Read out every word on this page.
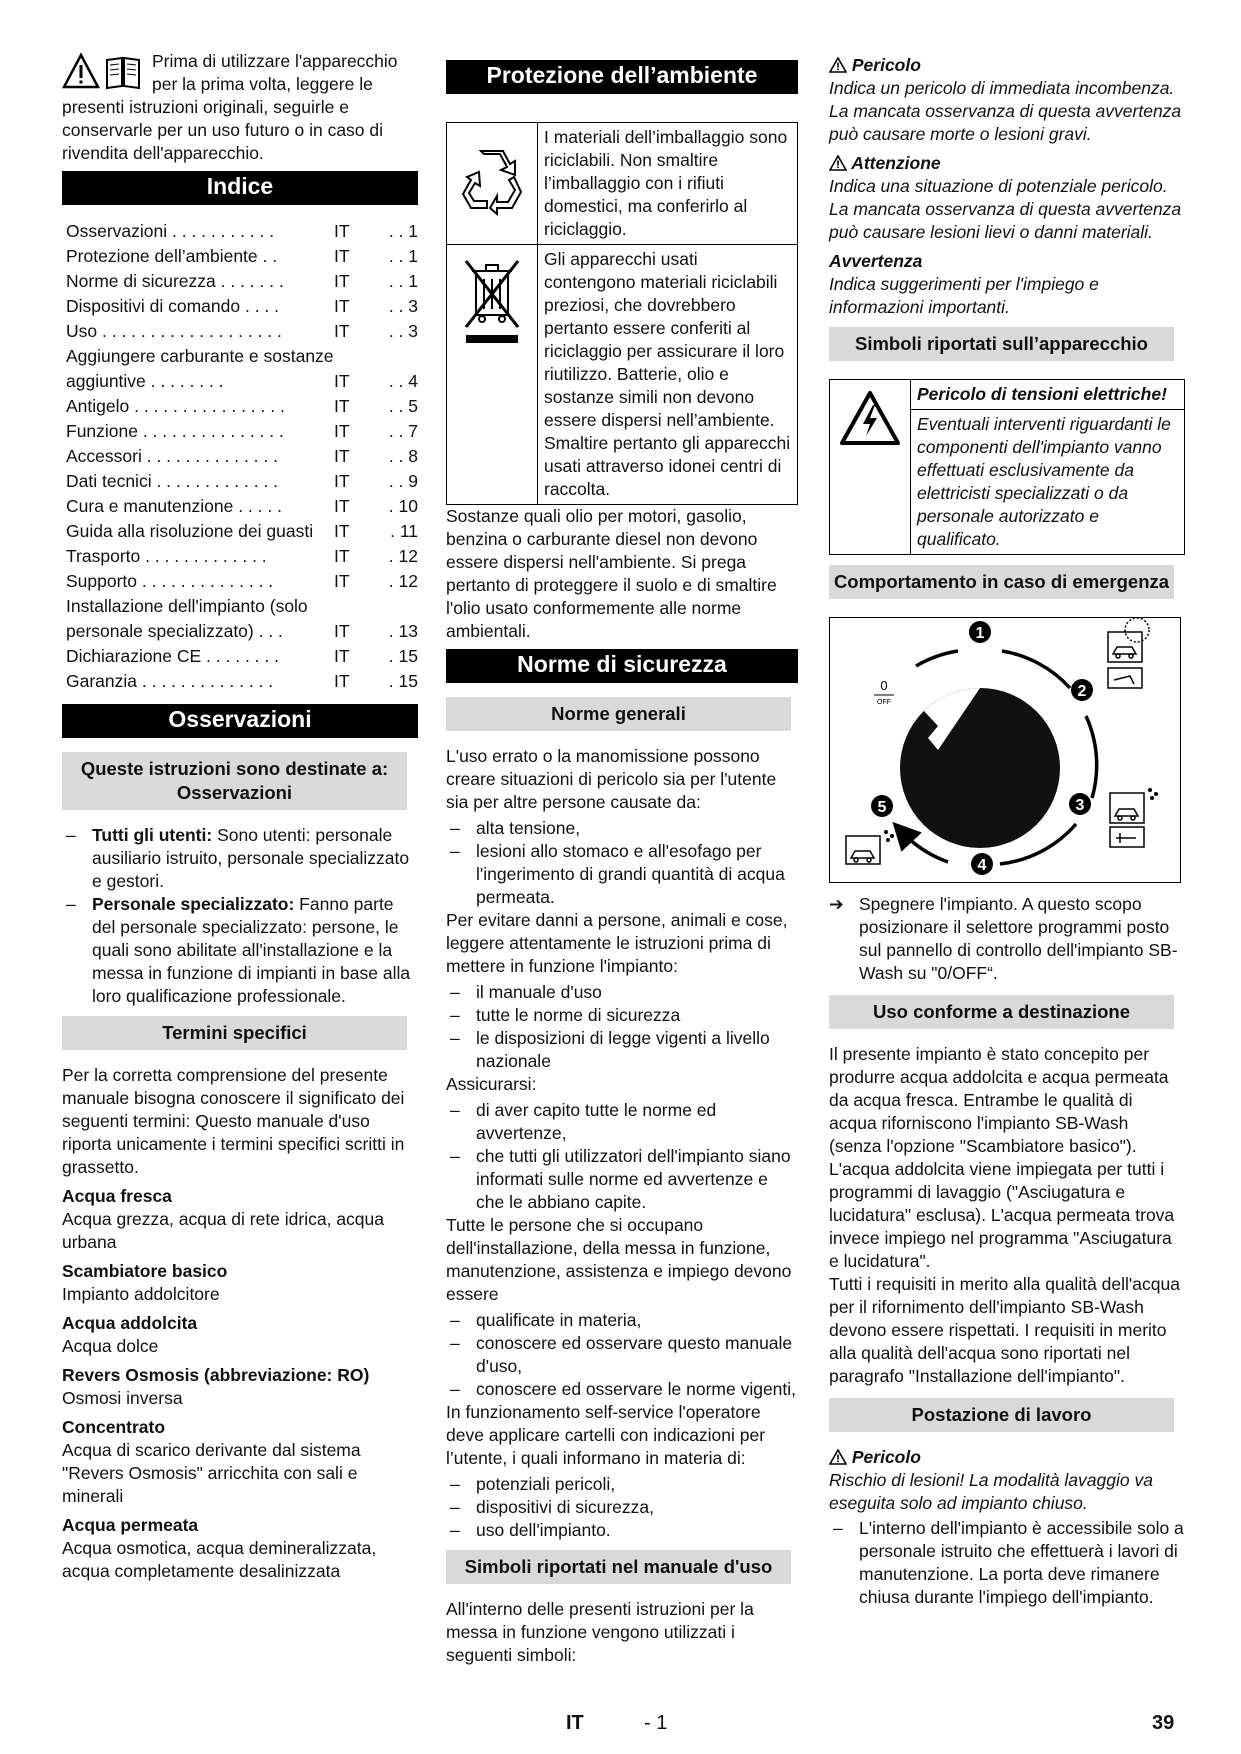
Prima di utilizzare l'apparecchio per la prima volta, leggere le presenti istruzioni originali, seguirle e conservarle per un uso futuro o in caso di rivendita dell'apparecchio.

Indice
Osservazioni . . . . . . . . . . .	IT	. . 1
Protezione dell’ambiente . .	IT	. . 1
Norme di sicurezza . . . . . . .	IT	. . 1
Dispositivi di comando . . . .	IT	. . 3
Uso . . . . . . . . . . . . . . . . . . .	IT	. . 3
Aggiungere carburante e sostanze aggiuntive . . . . . . . .	IT	. . 4
Antigelo . . . . . . . . . . . . . . . .	IT	. . 5
Funzione . . . . . . . . . . . . . . .	IT	. . 7
Accessori . . . . . . . . . . . . . .	IT	. . 8
Dati tecnici . . . . . . . . . . . . .	IT	. . 9
Cura e manutenzione . . . . .	IT	. 10
Guida alla risoluzione dei guasti	IT	. 11
Trasporto . . . . . . . . . . . . .	IT	. 12
Supporto . . . . . . . . . . . . . .	IT	. 12
Installazione dell'impianto (solo personale specializzato) . . .	IT	. 13
Dichiarazione CE . . . . . . . .	IT	. 15
Garanzia . . . . . . . . . . . . . .	IT	. 15
Osservazioni
Queste istruzioni sono destinate a:
Osservazioni
– Tutti gli utenti: Sono utenti: personale ausiliario istruito, personale specializzato e gestori.
– Personale specializzato: Fanno parte del personale specializzato: persone, le quali sono abilitate all'installazione e la messa in funzione di impianti in base alla loro qualificazione professionale.
Termini specifici

Per la corretta comprensione del presente manuale bisogna conoscere il significato dei seguenti termini: Questo manuale d'uso riporta unicamente i termini specifici scritti in grassetto.

Acqua fresca

Acqua grezza, acqua di rete idrica, acqua urbana

Scambiatore basico

Impianto addolcitore

Acqua addolcita

Acqua dolce

Revers Osmosis (abbreviazione: RO)

Osmosi inversa

Concentrato

Acqua di scarico derivante dal sistema "Revers Osmosis" arricchita con sali e minerali

Acqua permeata

Acqua osmotica, acqua demineralizzata, acqua completamente desalinizzata

Protezione dell’ambiente
	I materiali dell’imballaggio sono riciclabili. Non smaltire l’imballaggio con i rifiuti domestici, ma conferirlo al riciclaggio.
	Gli apparecchi usati contengono materiali riciclabili preziosi, che dovrebbero pertanto essere conferiti al riciclaggio per assicurare il loro riutilizzo. Batterie, olio e sostanze simili non devono essere dispersi nell’ambiente. Smaltire pertanto gli apparecchi usati attraverso idonei centri di raccolta.

Sostanze quali olio per motori, gasolio, benzina o carburante diesel non devono essere dispersi nell'ambiente. Si prega pertanto di proteggere il suolo e di smaltire l'olio usato conformemente alle norme ambientali.

Norme di sicurezza
Norme generali

L'uso errato o la manomissione possono creare situazioni di pericolo sia per l'utente sia per altre persone causate da:

– alta tensione,
– lesioni allo stomaco e all'esofago per l'ingerimento di grandi quantità di acqua permeata.

Per evitare danni a persone, animali e cose, leggere attentamente le istruzioni prima di mettere in funzione l'impianto:

– il manuale d'uso
– tutte le norme di sicurezza
– le disposizioni di legge vigenti a livello nazionale

Assicurarsi:

– di aver capito tutte le norme ed avvertenze,
– che tutti gli utilizzatori dell'impianto siano informati sulle norme ed avvertenze e che le abbiano capite.

Tutte le persone che si occupano dell'installazione, della messa in funzione, manutenzione, assistenza e impiego devono essere

– qualificate in materia,
– conoscere ed osservare questo manuale d'uso,
– conoscere ed osservare le norme vigenti,

In funzionamento self-service l'operatore deve applicare cartelli con indicazioni per l’utente, i quali informano in materia di:

– potenziali pericoli,
– dispositivi di sicurezza,
– uso dell'impianto.
Simboli riportati nel manuale d'uso

All'interno delle presenti istruzioni per la messa in funzione vengono utilizzati i seguenti simboli:

Pericolo

Indica un pericolo di immediata incombenza. La mancata osservanza di questa avvertenza può causare morte o lesioni gravi.

Attenzione

Indica una situazione di potenziale pericolo. La mancata osservanza di questa avvertenza può causare lesioni lievi o danni materiali.

Avvertenza

Indica suggerimenti per l'impiego e informazioni importanti.

Simboli riportati sull’apparecchio
	Pericolo di tensioni elettriche!
Eventuali interventi riguardanti le componenti dell'impianto vanno effettuati esclusivamente da elettricisti specializzati o da personale autorizzato e qualificato.
Comportamento in caso di emergenza
1
2
3
4
5
0
OFF
➔ Spegnere l'impianto. A questo scopo posizionare il selettore programmi posto sul pannello di controllo dell'impianto SB-Wash su "0/OFF“.
Uso conforme a destinazione

Il presente impianto è stato concepito per produrre acqua addolcita e acqua permeata da acqua fresca. Entrambe le qualità di acqua riforniscono l'impianto SB-Wash (senza l'opzione "Scambiatore basico"). L'acqua addolcita viene impiegata per tutti i programmi di lavaggio ("Asciugatura e lucidatura" esclusa). L'acqua permeata trova invece impiego nel programma "Asciugatura e lucidatura".
Tutti i requisiti in merito alla qualità dell'acqua per il rifornimento dell'impianto SB-Wash devono essere rispettati. I requisiti in merito alla qualità dell'acqua sono riportati nel paragrafo "Installazione dell'impianto".

Postazione di lavoro
Pericolo

Rischio di lesioni! La modalità lavaggio va eseguita solo ad impianto chiuso.

– L'interno dell'impianto è accessibile solo a personale istruito che effettuerà i lavori di manutenzione. La porta deve rimanere chiusa durante l'impiego dell'impianto.
IT	- 1	39
